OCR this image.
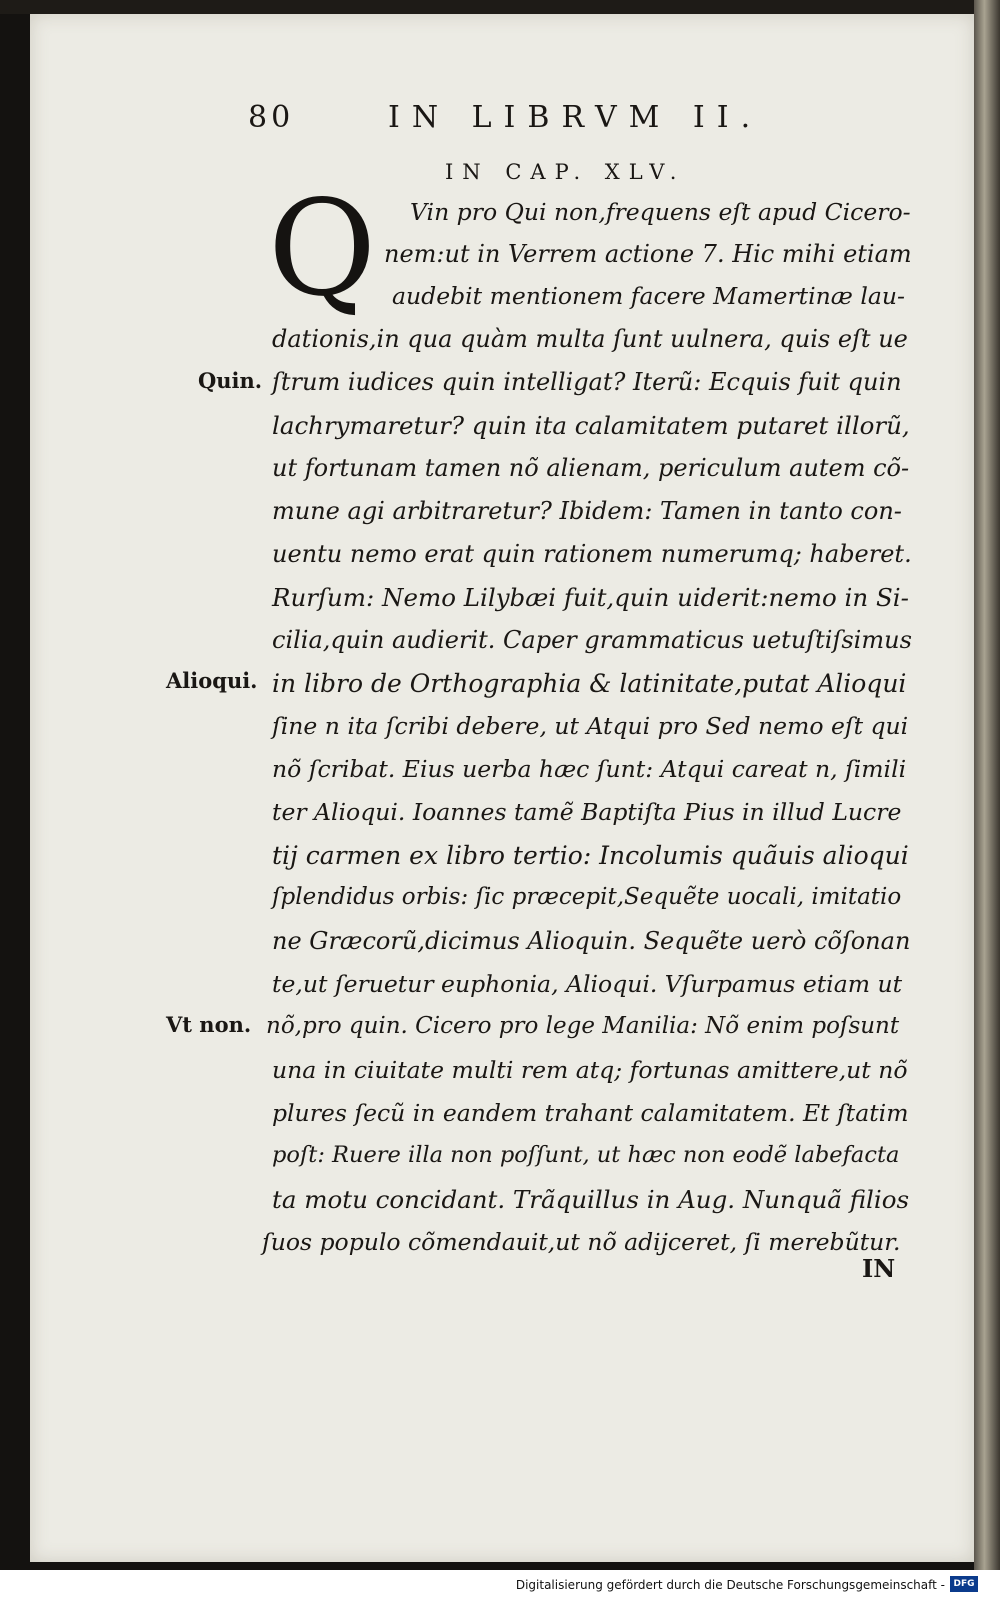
80	IN LIBRVM II.
IN CAP. XLV.
Q	Vin pro Qui non,frequens eſt apud Cicero-
nem:ut in Verrem actione 7. Hic mihi etiam
audebit mentionem facere Mamertinæ lau-
dationis,in qua quàm multa ſunt uulnera, quis eſt ue
ſtrum iudices quin intelligat? Iterũ: Ecquis fuit quin
lachrymaretur? quin ita calamitatem putaret illorũ,
ut fortunam tamen nõ alienam, periculum autem cõ-
mune agi arbitraretur? Ibidem: Tamen in tanto con-
uentu nemo erat quin rationem numerumq; haberet.
Rurſum: Nemo Lilybæi fuit,quin uiderit:nemo in Si-
cilia,quin audierit. Caper grammaticus uetuſtiſsimus
in libro de Orthographia & latinitate,putat Alioqui
ſine n ita ſcribi debere, ut Atqui pro Sed nemo eſt qui
nõ ſcribat. Eius uerba hæc ſunt: Atqui careat n, ſimili
ter Alioqui. Ioannes tamẽ Baptiſta Pius in illud Lucre
tij carmen ex libro tertio: Incolumis quãuis alioqui
ſplendidus orbis: ſic præcepit,Sequẽte uocali, imitatio
ne Græcorũ,dicimus Alioquin. Sequẽte uerò cõſonan
te,ut ſeruetur euphonia, Alioqui. Vſurpamus etiam ut
nõ,pro quin. Cicero pro lege Manilia: Nõ enim poſsunt
una in ciuitate multi rem atq; fortunas amittere,ut nõ
plures ſecũ in eandem trahant calamitatem. Et ſtatim
poſt: Ruere illa non poſſunt, ut hæc non eodẽ labefacta
ta motu concidant. Trãquillus in Aug. Nunquã filios
ſuos populo cõmendauit,ut nõ adijceret, ſi merebũtur.
Quin.
Alioqui.
Vt non.
IN
Digitalisierung gefördert durch die Deutsche Forschungsgemeinschaft - DFG
